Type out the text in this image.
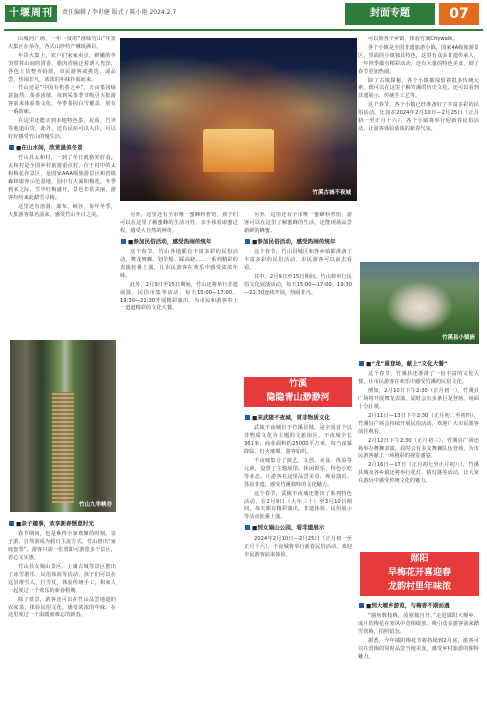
十堰周刊	责任编辑 / 李世健 版式 / 陈小艳 2024.2.7	封面专题	07

山城河广场，一年一度的“淳味竹山”年货大集正在举办，各式山珍特产琳琅满目。

年货大集上，农户们家家卖点，鲜嫩的冬笋带着山间的清香，腊肉香肠泛着诱人光泽，各色土货整齐码放，市民游客或挑选、或品尝，热闹非凡，浓浓的年味扑面而来。

竹山还是“中国有机茶之乡”，万亩茶园绿意盎然，茶香浓郁，每到采茶季节吸引大批游客前来体验茶文化。冬季茶园白雪覆盖，别有一番韵味。

在这里还能买到本地特色茶、花菇、竹笋等地道山货，此外，还有民宿可以入住，可以好好感受竹山的慢生活。

■在山水间，欣赏最美冬景

竹山县太和村，一到了冬日就格外好看。太和村是全国乡村旅游重点村，位于村中的太和梅花谷景区，是国家AAA级旅游景区和省级森林康养示范基地。园中有大面积梅花，冬季到来之际，雪中红梅盛开，景色非常美丽，游客纷纷来此踏雪寻梅。

这里还有溶洞、瀑布、峡谷，每年冬季，大批游客慕名前来，感受竹山冬日之美。

竹山九华峡谷
■亲子趣事，欢享新春惬意时光

春节期间，也是难得全家欢聚的时刻。亲子游、自驾游成为假日主流方式，竹山推出“家庭套票”，游客只需一张票即可游览多个景区，省心又实惠。

竹山县女娲山景区、上庸古城等景区推出了冰雪游乐、民俗体验等活动，孩子们可以在这里堆雪人、打雪仗，体验传统手工，和家人一起度过一个欢乐的新春假期。

除了赏景，游客还可以在竹山品尝地道的农家菜，体验民俗文化，感受浓浓的年味，在这里度过一个温暖而难忘的新春。

竹溪古城不夜城

另外，这里还有全市唯一蜜蜂科普馆，孩子们可以在这里了解蜜蜂的生活习性，亲手体验取蜜过程，感受大自然的神奇。

■参加民俗活动，感受热闹传统年

这个春节，竹山各地都有丰富多彩的民俗活动。舞龙舞狮、划旱船、踩高跷……一系列精彩的表演轮番上演，让市民游客在欢乐中感受浓浓年味。

此外，2月9日至15日期间，竹山还将举行非遗展演、民俗市集等活动，每天15:00—17:00、19:30—21:30开展精彩演出，为市民和游客奉上一道道精彩的文化大餐。

另外，这里还有全市唯一蜜蜂科普馆，游客可以在这里了解蜜蜂的生活，还能现场品尝新鲜的蜂蜜。

■参加民俗活动，感受热闹传统年

这个春节，竹山县城区和各乡镇都准备了丰富多彩的民俗活动，市民游客可以前去看看。

其中，2月9日至15日期间，竹山将举行民俗文化展演活动，每天15:00—17:00、19:30—21:30连续开展，热闹非凡。

竹溪
隐隐青山渺渺河
■来武陵不夜城，赏非物质文化

武陵不夜城位于竹溪县城，是全国首个以非物质文化为主题的文旅街区，不夜城全长361米，商业面积约25000平方米，每当夜幕降临，灯火璀璨，游客如织。

不夜城集合了演艺、文创、美食、体验等元素，设置了主题展馆、休闲娱乐、特色小吃等业态，让游客在这里品尝美食、观看演出、体验非遗，感受竹溪独特的文化魅力。

这个春节，武陵不夜城还推出了系列特色活动，在2月9日（大年三十）至3月10日期间，每天都有精彩演出，非遗体验、民俗展示等活动轮番上演。

■到女娲山公园，看非遗展示

2024年2月10日—2月25日（正月初一至正月十六），不夜城将举行新春民俗活动，欢迎市民游客前来体验。

可以到各个乡镇，体验竹溪Citywalk。

各个小镇是全国非遗旅游小镇，国家4A级旅游景区，里面的小镇独具特色，这里有众多非遗传承人，一年四季都有精彩活动，还有大量的特色美食，到了春节更加热闹。

除了古镇探秘，各个小镇都保留着很多传统元素，既可以在这里了解竹溪的历史文化，还可以看到非遗展示、传统手工艺等。

这个春节，各个小镇已经准备好了丰富多彩的民俗活动。比如在2024年2月10日—2月25日（正月初一至正月十六），各个小镇将举行迎新春民俗活动，让游客体验浓浓的新春气氛。

竹溪县小镇嵌
■“龙”重登场，献上“文化大餐”

这个春节，竹溪县还准备了一份丰富的文化大餐，让市民游客在欢乐中感受竹溪的民俗文化。

例如，2月10日下午2:30（正月初一），竹溪县广场将开展舞龙表演，届时会有多条巨龙登场，场面十分壮观。

2月11日—13日下午2:30（正月初二至初四），竹溪县广场会持续开展民俗活动，欢迎广大市民游客前往观看。

2月12日下午2:30（正月初三），竹溪县广场还将举办舞狮表演，届时会有多支舞狮队伍登场，为市民游客献上一场精彩的视觉盛宴。

2月16日—17日（正月初七至正月初八），竹溪县城及各乡镇还将举行花灯、猜灯谜等活动，让大家在游玩中感受传统文化的魅力。

郧阳
早梅花开喜迎春
龙韵村里年味浓
■到大堰乡游览，与梅香不期而遇

“墙角数枝梅，凌寒独自开。”走进郧阳大堰乡，成片的梅花在寒风中竞相绽放，吸引众多游客前来踏雪赏梅，拍照留念。

据悉，今年郧阳梅花节将持续到2月底，游客可以在赏梅的同时品尝当地美食，感受乡村旅游的独特魅力。
